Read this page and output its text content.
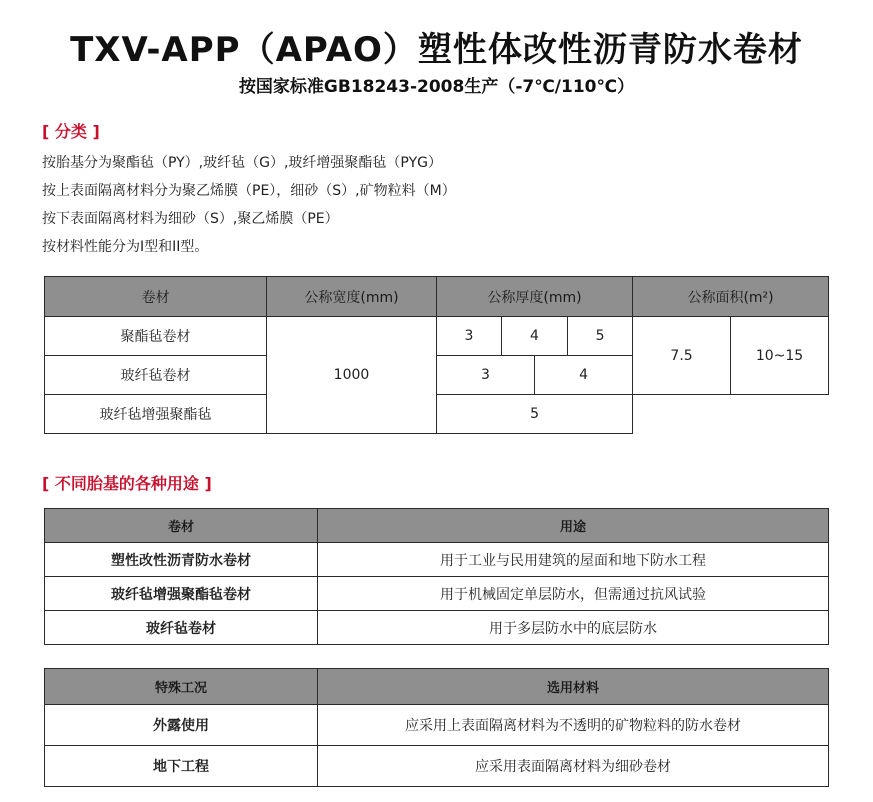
TXV-APP（APAO）塑性体改性沥青防水卷材
按国家标准GB18243-2008生产（-7℃/110℃）
[ 分类 ]
按胎基分为聚酯毡（PY）,玻纤毡（G）,玻纤增强聚酯毡（PYG）
按上表面隔离材料分为聚乙烯膜（PE），细砂（S）,矿物粒料（M）
按下表面隔离材料为细砂（S）,聚乙烯膜（PE）
按材料性能分为I型和II型。
卷材	公称宽度(mm)	公称厚度(mm)				公称面积(m²)	
聚酯毡卷材	1000	3	4		5	7.5	10~15
玻纤毡卷材		3		4			
玻纤毡增强聚酯毡		5					
[ 不同胎基的各种用途 ]
卷材	用途
塑性改性沥青防水卷材	用于工业与民用建筑的屋面和地下防水工程
玻纤毡增强聚酯毡卷材	用于机械固定单层防水，但需通过抗风试验
玻纤毡卷材	用于多层防水中的底层防水
特殊工况	选用材料
外露使用	应采用上表面隔离材料为不透明的矿物粒料的防水卷材
地下工程	应采用表面隔离材料为细砂卷材
